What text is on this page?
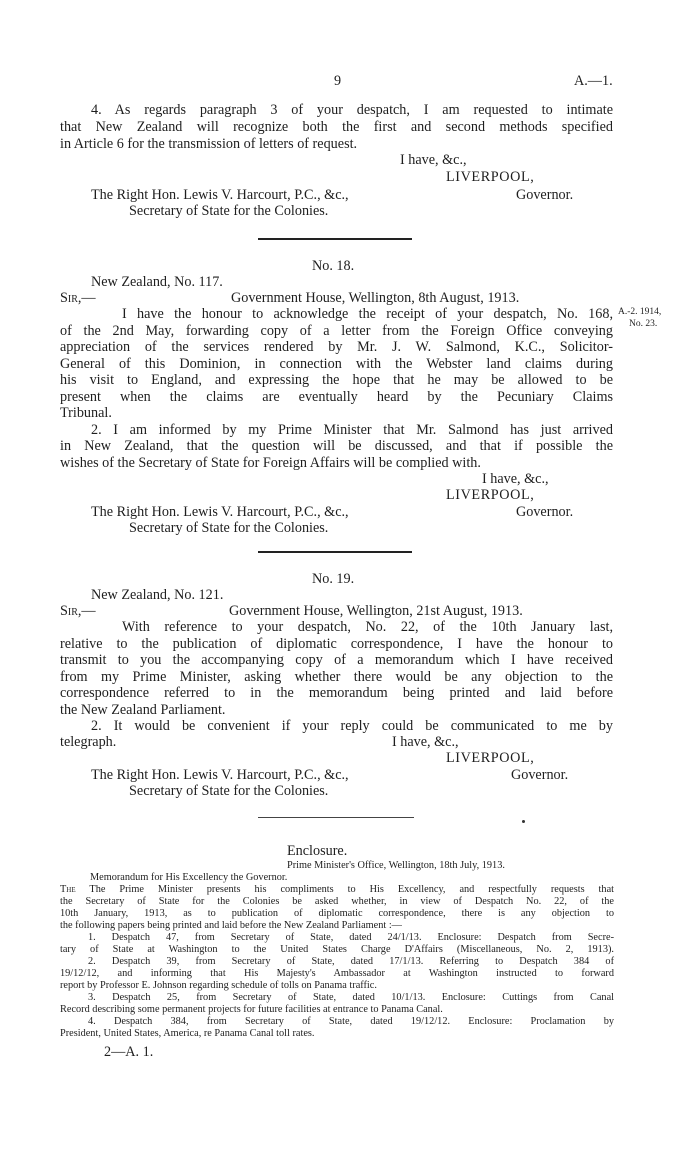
9	A.—1.
4. As regards paragraph 3 of your despatch, I am requested to intimate
that New Zealand will recognize both the first and second methods specified
in Article 6 for the transmission of letters of request.
I have, &c.,
LIVERPOOL,
The Right Hon. Lewis V. Harcourt, P.C., &c.,	Governor.
Secretary of State for the Colonies.
No. 18.
New Zealand, No. 117.
Sir,—	Government House, Wellington, 8th August, 1913.
A.-2. 1914,
No. 23.
I have the honour to acknowledge the receipt of your despatch, No. 168,
of the 2nd May, forwarding copy of a letter from the Foreign Office conveying
appreciation of the services rendered by Mr. J. W. Salmond, K.C., Solicitor-
General of this Dominion, in connection with the Webster land claims during
his visit to England, and expressing the hope that he may be allowed to be
present when the claims are eventually heard by the Pecuniary Claims
Tribunal.
2. I am informed by my Prime Minister that Mr. Salmond has just arrived
in New Zealand, that the question will be discussed, and that if possible the
wishes of the Secretary of State for Foreign Affairs will be complied with.
I have, &c.,
LIVERPOOL,
The Right Hon. Lewis V. Harcourt, P.C., &c.,	Governor.
Secretary of State for the Colonies.
No. 19.
New Zealand, No. 121.
Sir,—	Government House, Wellington, 21st August, 1913.
With reference to your despatch, No. 22, of the 10th January last,
relative to the publication of diplomatic correspondence, I have the honour to
transmit to you the accompanying copy of a memorandum which I have received
from my Prime Minister, asking whether there would be any objection to the
correspondence referred to in the memorandum being printed and laid before
the New Zealand Parliament.
2. It would be convenient if your reply could be communicated to me by
telegraph.	I have, &c.,
LIVERPOOL,
The Right Hon. Lewis V. Harcourt, P.C., &c.,	Governor.
Secretary of State for the Colonies.
Enclosure.
Prime Minister's Office, Wellington, 18th July, 1913.
Memorandum for His Excellency the Governor.
The The Prime Minister presents his compliments to His Excellency, and respectfully requests that
the Secretary of State for the Colonies be asked whether, in view of Despatch No. 22, of the
10th January, 1913, as to publication of diplomatic correspondence, there is any objection to
the following papers being printed and laid before the New Zealand Parliament :—
1. Despatch 47, from Secretary of State, dated 24/1/13. Enclosure: Despatch from Secre-
tary of State at Washington to the United States Charge D'Affairs (Miscellaneous, No. 2, 1913).
2. Despatch 39, from Secretary of State, dated 17/1/13. Referring to Despatch 384 of
19/12/12, and informing that His Majesty's Ambassador at Washington instructed to forward
report by Professor E. Johnson regarding schedule of tolls on Panama traffic.
3. Despatch 25, from Secretary of State, dated 10/1/13. Enclosure: Cuttings from Canal
Record describing some permanent projects for future facilities at entrance to Panama Canal.
4. Despatch 384, from Secretary of State, dated 19/12/12. Enclosure: Proclamation by
President, United States, America, re Panama Canal toll rates.
2—A. 1.
